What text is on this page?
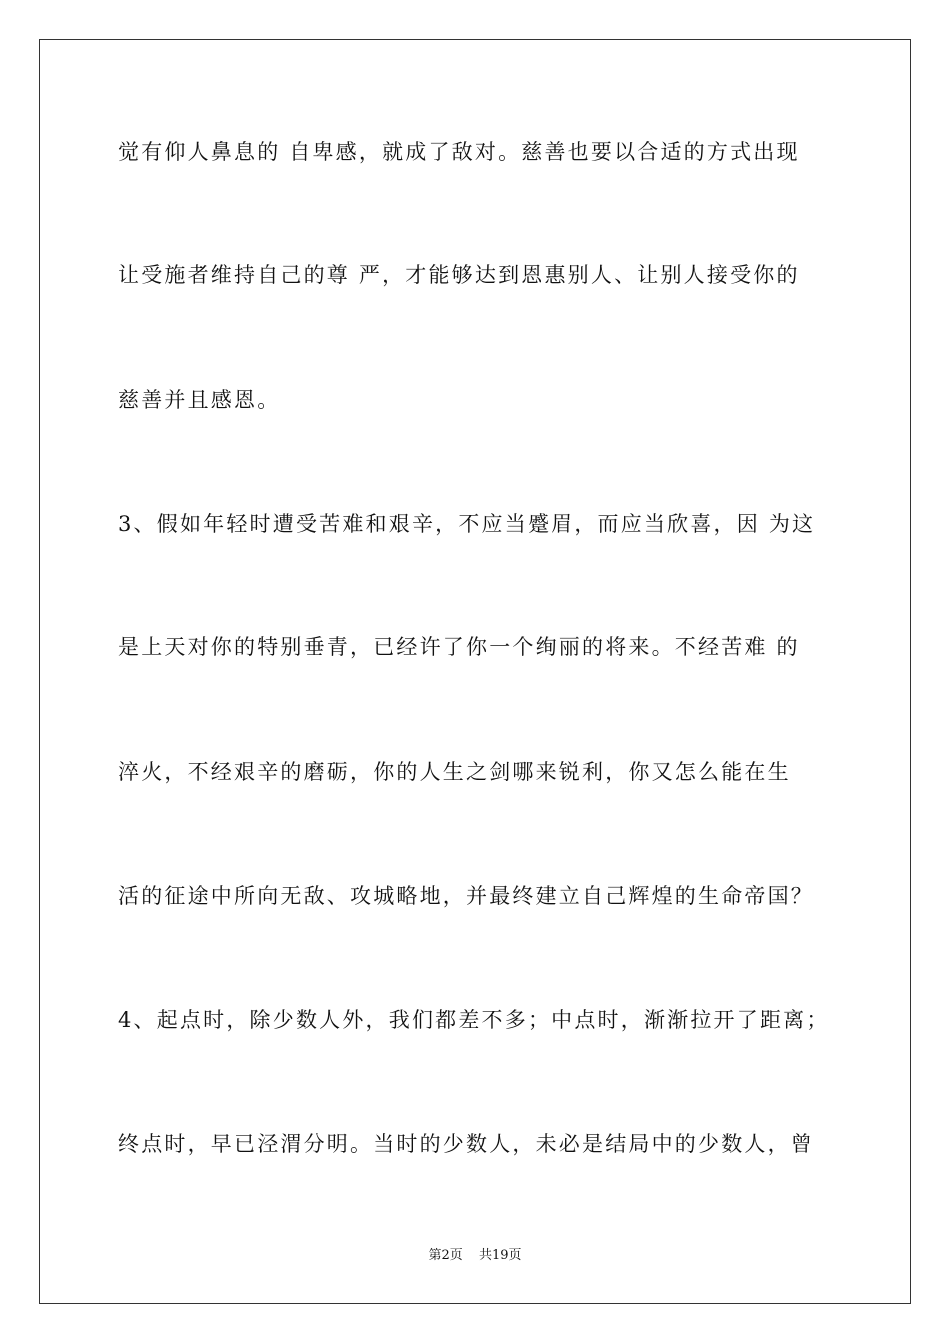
觉有仰人鼻息的 自卑感，就成了敌对。慈善也要以合适的方式出现
让受施者维持自己的尊 严，才能够达到恩惠别人、让别人接受你的
慈善并且感恩。
3、假如年轻时遭受苦难和艰辛，不应当蹙眉，而应当欣喜，因 为这
是上天对你的特别垂青，已经许了你一个绚丽的将来。不经苦难 的
淬火，不经艰辛的磨砺，你的人生之剑哪来锐利，你又怎么能在生
活的征途中所向无敌、攻城略地，并最终建立自己辉煌的生命帝国？
4、起点时，除少数人外，我们都差不多；中点时，渐渐拉开了距离；
终点时，早已泾渭分明。当时的少数人，未必是结局中的少数人，曾
第2页 共19页
